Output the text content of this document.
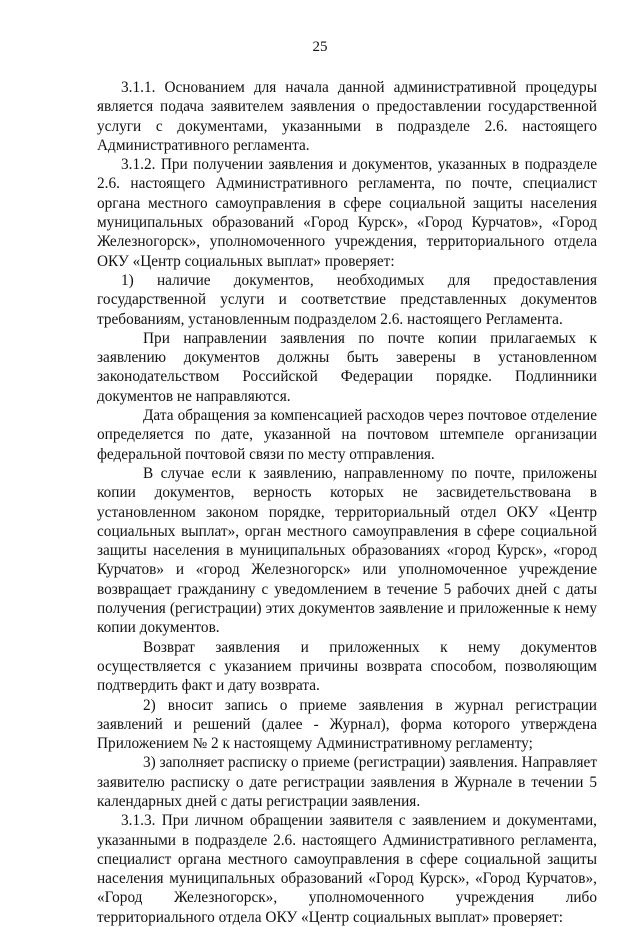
25

3.1.1. Основанием для начала данной административной процедуры является подача заявителем заявления о предоставлении государственной услуги с документами, указанными в подразделе 2.6. настоящего Административного регламента.

3.1.2. При получении заявления и документов, указанных в подразделе 2.6. настоящего Административного регламента, по почте, специалист органа местного самоуправления в сфере социальной защиты населения муниципальных образований «Город Курск», «Город Курчатов», «Город Железногорск», уполномоченного учреждения, территориального отдела ОКУ «Центр социальных выплат» проверяет:

1) наличие документов, необходимых для предоставления государственной услуги и соответствие представленных документов требованиям, установленным подразделом 2.6. настоящего Регламента.

При направлении заявления по почте копии прилагаемых к заявлению документов должны быть заверены в установленном законодательством Российской Федерации порядке. Подлинники документов не направляются.

Дата обращения за компенсацией расходов через почтовое отделение определяется по дате, указанной на почтовом штемпеле организации федеральной почтовой связи по месту отправления.

В случае если к заявлению, направленному по почте, приложены копии документов, верность которых не засвидетельствована в установленном законом порядке, территориальный отдел ОКУ «Центр социальных выплат», орган местного самоуправления в сфере социальной защиты населения в муниципальных образованиях «город Курск», «город Курчатов» и «город Железногорск» или уполномоченное учреждение возвращает гражданину с уведомлением в течение 5 рабочих дней с даты получения (регистрации) этих документов заявление и приложенные к нему копии документов.

Возврат заявления и приложенных к нему документов осуществляется с указанием причины возврата способом, позволяющим подтвердить факт и дату возврата.

2) вносит запись о приеме заявления в журнал регистрации заявлений и решений (далее - Журнал), форма которого утверждена Приложением № 2 к настоящему Административному регламенту;

3) заполняет расписку о приеме (регистрации) заявления. Направляет заявителю расписку о дате регистрации заявления в Журнале в течении 5 календарных дней с даты регистрации заявления.

3.1.3. При личном обращении заявителя с заявлением и документами, указанными в подразделе 2.6. настоящего Административного регламента, специалист органа местного самоуправления в сфере социальной защиты населения муниципальных образований «Город Курск», «Город Курчатов», «Город Железногорск», уполномоченного учреждения либо территориального отдела ОКУ «Центр социальных выплат» проверяет:
